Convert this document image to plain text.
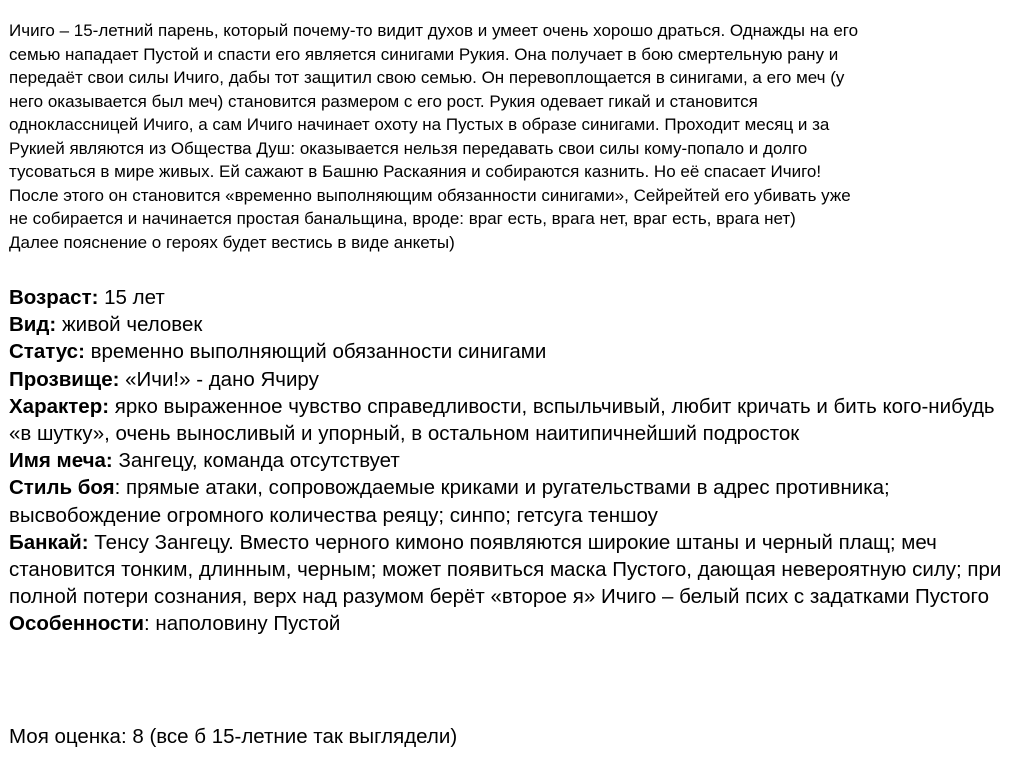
Ичиго – 15-летний парень, который почему-то видит духов и умеет очень хорошо драться. Однажды на его
семью нападает Пустой и спасти его является синигами Рукия. Она получает в бою смертельную рану и
передаёт свои силы Ичиго, дабы тот защитил свою семью. Он перевоплощается в синигами, а его меч (у
него оказывается был меч) становится размером с его рост. Рукия одевает гикай и становится
одноклассницей Ичиго, а сам Ичиго начинает охоту на Пустых в образе синигами. Проходит месяц и за
Рукией являются из Общества Душ: оказывается нельзя передавать свои силы кому-попало и долго
тусоваться в мире живых. Ей сажают в Башню Раскаяния и собираются казнить. Но её спасает Ичиго!
После этого он становится «временно выполняющим обязанности синигами», Сейрейтей его убивать уже
не собирается и начинается простая банальщина, вроде: враг есть, врага нет, враг есть, врага нет)
Далее пояснение о героях будет вестись в виде анкеты)
Возраст: 15 лет
Вид: живой человек
Статус: временно выполняющий обязанности синигами
Прозвище: «Ичи!» - дано Ячиру
Характер: ярко выраженное чувство справедливости, вспыльчивый, любит кричать и бить кого-нибудь «в шутку», очень выносливый и упорный, в остальном наитипичнейший подросток
Имя меча: Зангецу, команда отсутствует
Стиль боя: прямые атаки, сопровождаемые криками и ругательствами в адрес противника; высвобождение огромного количества реяцу; синпо; гетсуга теншоу
Банкай: Тенсу Зангецу. Вместо черного кимоно появляются широкие штаны и черный плащ; меч становится тонким, длинным, черным; может появиться маска Пустого, дающая невероятную силу; при полной потери сознания, верх над разумом берёт «второе я» Ичиго – белый псих с задатками Пустого
Особенности: наполовину Пустой
Моя оценка: 8 (все б 15-летние так выглядели)
